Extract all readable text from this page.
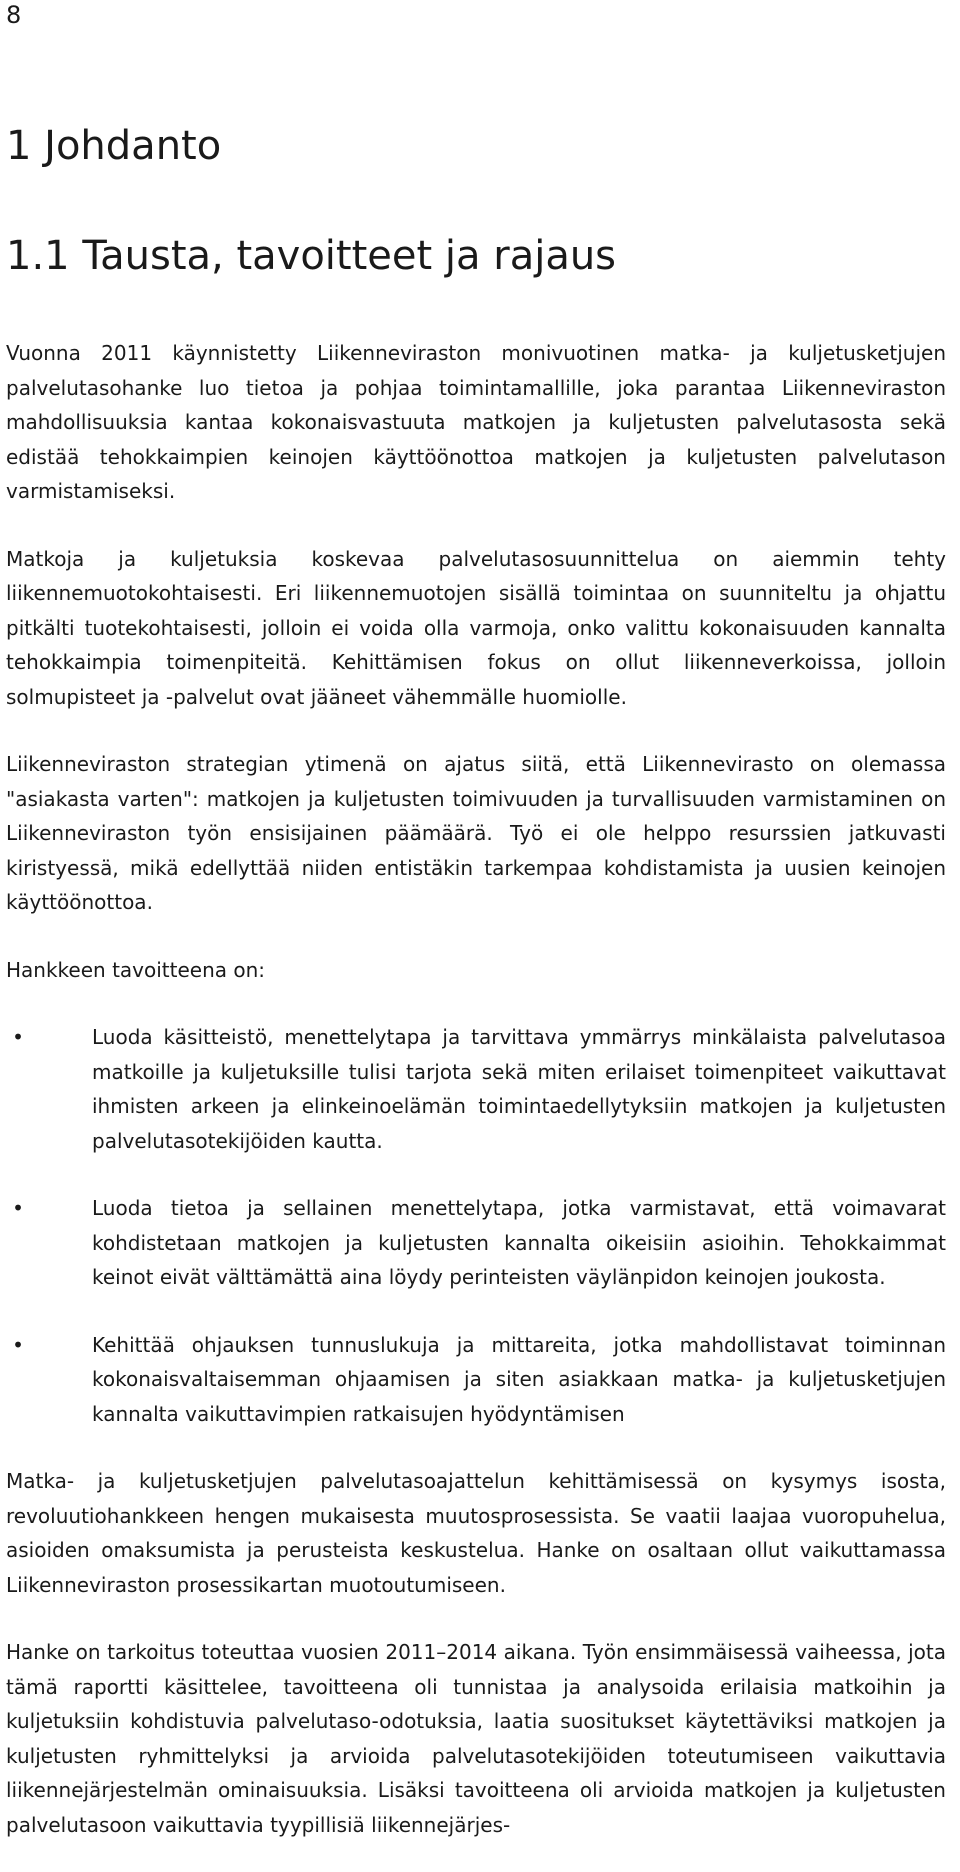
8
1 Johdanto
1.1 Tausta, tavoitteet ja rajaus

Vuonna 2011 käynnistetty Liikenneviraston monivuotinen matka- ja kuljetusketjujen palvelutasohanke luo tietoa ja pohjaa toimintamallille, joka parantaa Liikenneviraston mahdollisuuksia kantaa kokonaisvastuuta matkojen ja kuljetusten palvelutasosta sekä edistää tehokkaimpien keinojen käyttöönottoa matkojen ja kuljetusten palvelutason varmistamiseksi.

Matkoja ja kuljetuksia koskevaa palvelutasosuunnittelua on aiemmin tehty liikennemuotokohtaisesti. Eri liikennemuotojen sisällä toimintaa on suunniteltu ja ohjattu pitkälti tuotekohtaisesti, jolloin ei voida olla varmoja, onko valittu kokonaisuuden kannalta tehokkaimpia toimenpiteitä. Kehittämisen fokus on ollut liikenneverkoissa, jolloin solmupisteet ja -palvelut ovat jääneet vähemmälle huomiolle.

Liikenneviraston strategian ytimenä on ajatus siitä, että Liikennevirasto on olemassa "asiakasta varten": matkojen ja kuljetusten toimivuuden ja turvallisuuden varmistaminen on Liikenneviraston työn ensisijainen päämäärä. Työ ei ole helppo resurssien jatkuvasti kiristyessä, mikä edellyttää niiden entistäkin tarkempaa kohdistamista ja uusien keinojen käyttöönottoa.

Hankkeen tavoitteena on:

•	Luoda käsitteistö, menettelytapa ja tarvittava ymmärrys minkälaista palvelutasoa matkoille ja kuljetuksille tulisi tarjota sekä miten erilaiset toimenpiteet vaikuttavat ihmisten arkeen ja elinkeinoelämän toimintaedellytyksiin matkojen ja kuljetusten palvelutasotekijöiden kautta.
•	Luoda tietoa ja sellainen menettelytapa, jotka varmistavat, että voimavarat kohdistetaan matkojen ja kuljetusten kannalta oikeisiin asioihin. Tehokkaimmat keinot eivät välttämättä aina löydy perinteisten väylänpidon keinojen joukosta.
•	Kehittää ohjauksen tunnuslukuja ja mittareita, jotka mahdollistavat toiminnan kokonaisvaltaisemman ohjaamisen ja siten asiakkaan matka- ja kuljetusketjujen kannalta vaikuttavimpien ratkaisujen hyödyntämisen

Matka- ja kuljetusketjujen palvelutasoajattelun kehittämisessä on kysymys isosta, revoluutiohankkeen hengen mukaisesta muutosprosessista. Se vaatii laajaa vuoropuhelua, asioiden omaksumista ja perusteista keskustelua. Hanke on osaltaan ollut vaikuttamassa Liikenneviraston prosessikartan muotoutumiseen.

Hanke on tarkoitus toteuttaa vuosien 2011–2014 aikana. Työn ensimmäisessä vaiheessa, jota tämä raportti käsittelee, tavoitteena oli tunnistaa ja analysoida erilaisia matkoihin ja kuljetuksiin kohdistuvia palvelutaso-odotuksia, laatia suositukset käytettäviksi matkojen ja kuljetusten ryhmittelyksi ja arvioida palvelutasotekijöiden toteutumiseen vaikuttavia liikennejärjestelmän ominaisuuksia. Lisäksi tavoitteena oli arvioida matkojen ja kuljetusten palvelutasoon vaikuttavia tyypillisiä liikennejärjes-
